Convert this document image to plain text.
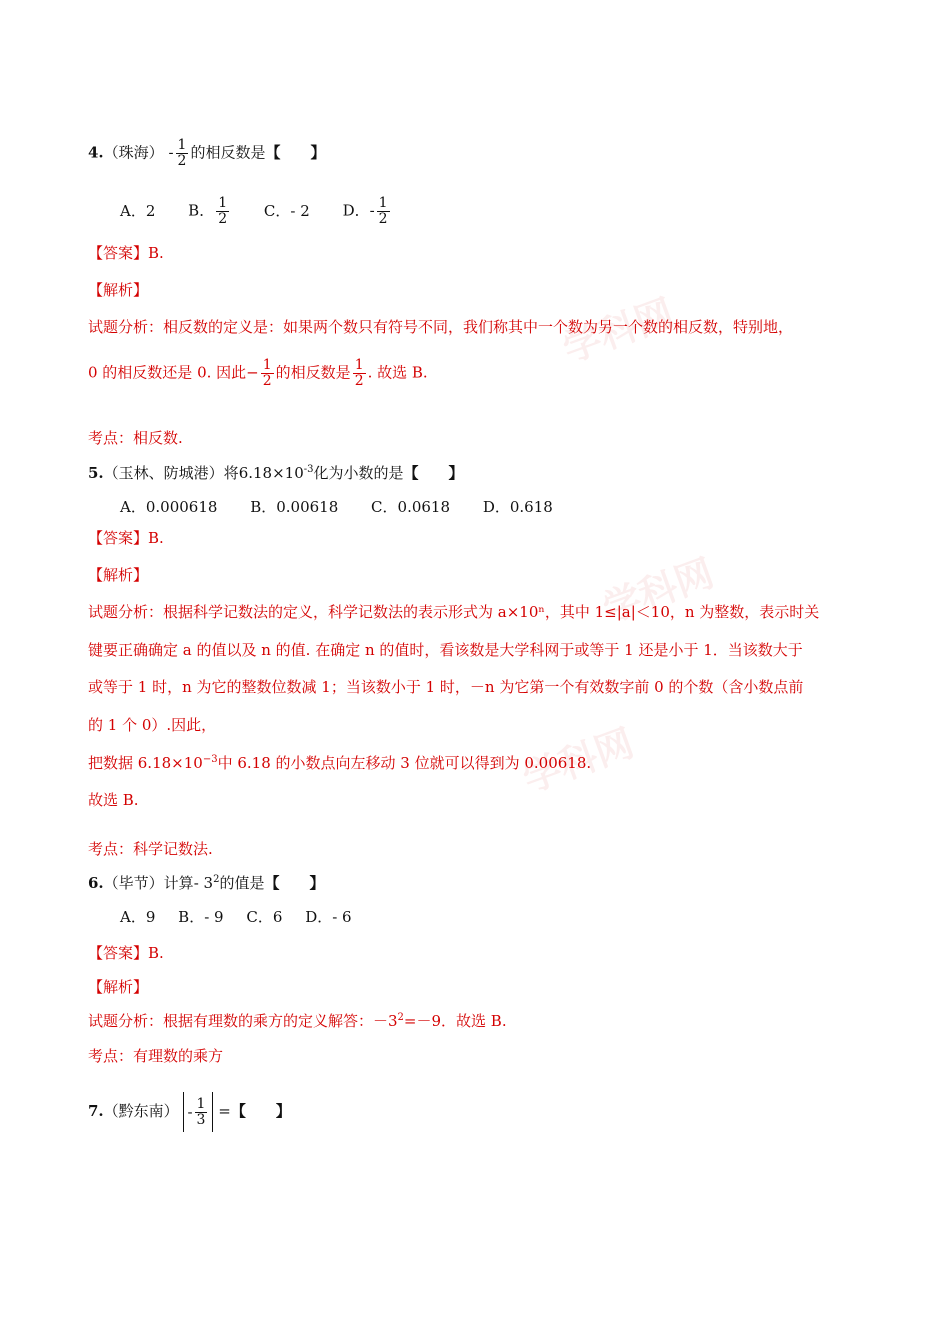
学科网
学科网
学科网
4.（珠海） - $\frac{1}{2}$ 的相反数是【　　】
A．2 B． $\frac{1}{2}$ C．- 2 D．- $\frac{1}{2}$
【答案】B.
【解析】
试题分析：相反数的定义是：如果两个数只有符号不同，我们称其中一个数为另一个数的相反数，特别地，
0 的相反数还是 0. 因此− $\frac{1}{2}$ 的相反数是 $\frac{1}{2}$ . 故选 B.
考点：相反数.
5.（玉林、防城港）将$6.18\times 10^{-3}$化为小数的是【　　】
A．0.000618 B．0.00618 C．0.0618 D．0.618
【答案】B.
【解析】
试题分析：根据科学记数法的定义，科学记数法的表示形式为 a×10ⁿ，其中 1≤|a|＜10，n 为整数，表示时关
键要正确确定 a 的值以及 n 的值. 在确定 n 的值时，看该数是大学科网于或等于 1 还是小于 1．当该数大于
或等于 1 时，n 为它的整数位数减 1；当该数小于 1 时，－n 为它第一个有效数字前 0 的个数（含小数点前
的 1 个 0）.因此，
把数据 $6.18\times 10^{-3}$中 6.18 的小数点向左移动 3 位就可以得到为 0.00618.
故选 B.
考点：科学记数法.
6.（毕节）计算- $3^2$的值是【　　】
A．9 B．- 9 C．6 D．- 6
【答案】B.
【解析】
试题分析：根据有理数的乘方的定义解答：$-3^2=-9$．故选 B.
考点：有理数的乘方
7.（黔东南） - $\frac{1}{3}$ =【　　】
